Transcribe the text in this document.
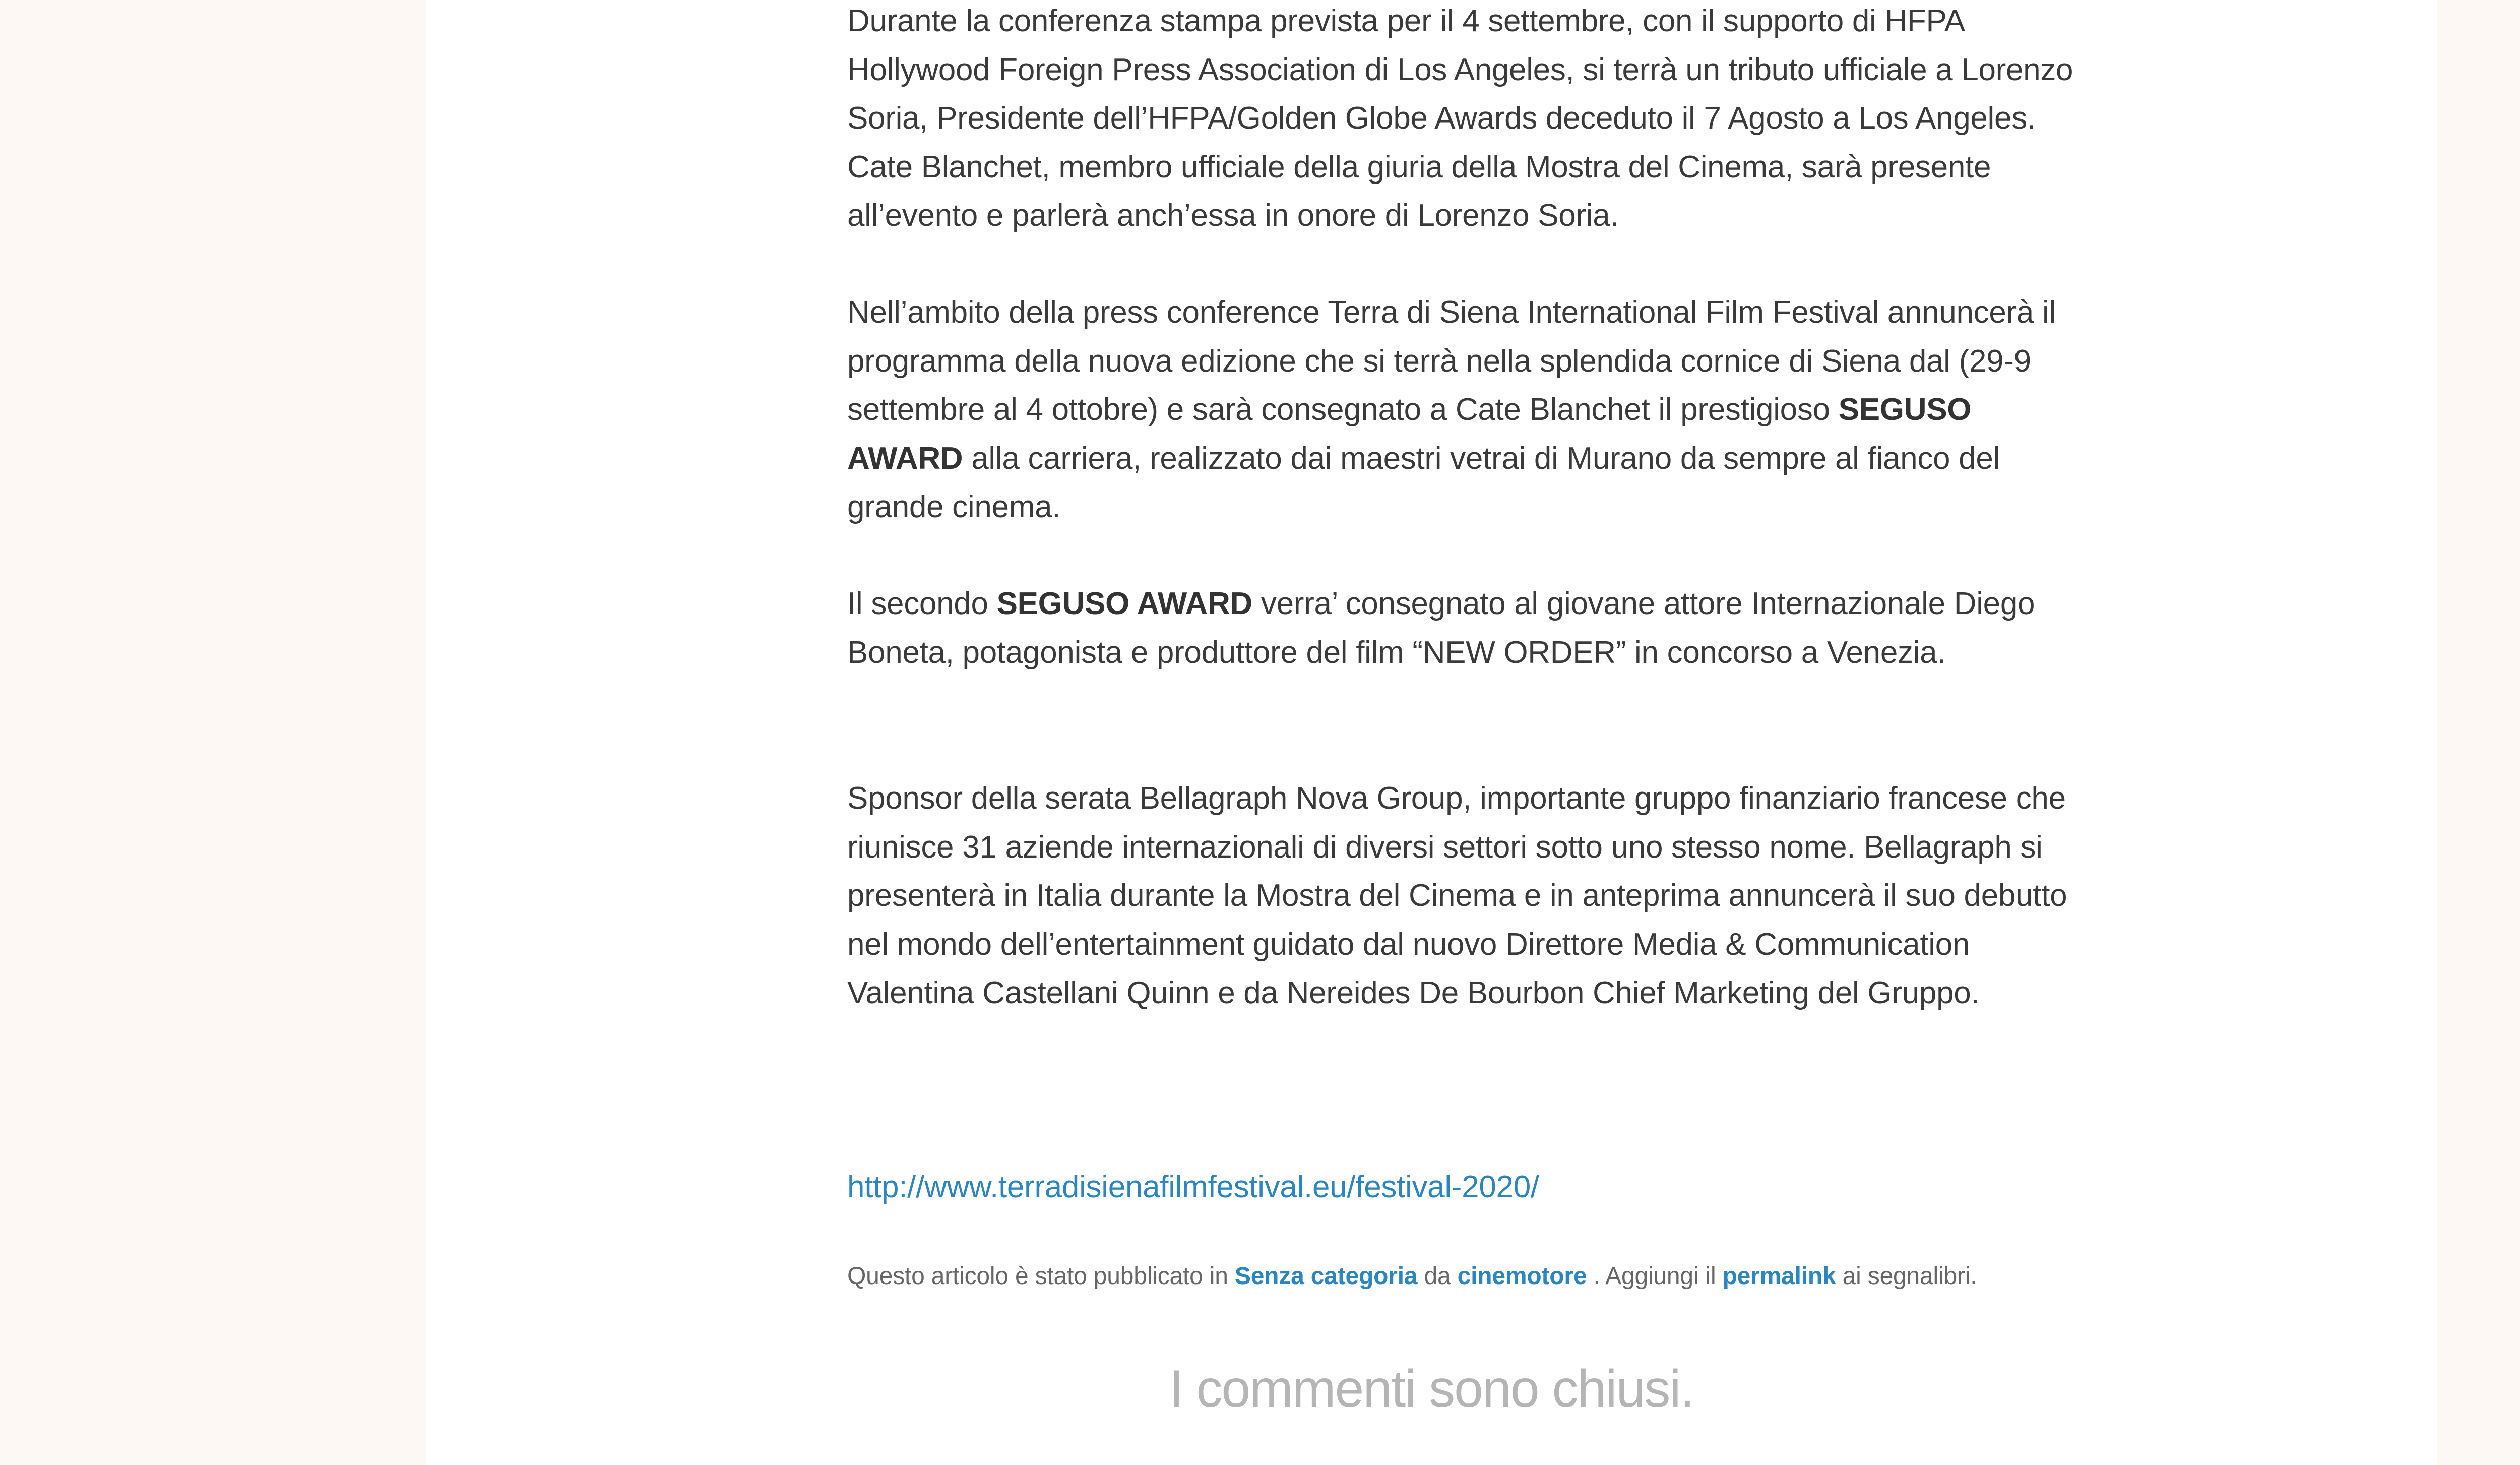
Durante la conferenza stampa prevista per il 4 settembre, con il supporto di HFPA
Hollywood Foreign Press Association di Los Angeles, si terrà un tributo ufficiale a Lorenzo
Soria, Presidente dell’HFPA/Golden Globe Awards deceduto il 7 Agosto a Los Angeles.
Cate Blanchet, membro ufficiale della giuria della Mostra del Cinema, sarà presente
all’evento e parlerà anch’essa in onore di Lorenzo Soria.

Nell’ambito della press conference Terra di Siena International Film Festival annuncerà il
programma della nuova edizione che si terrà nella splendida cornice di Siena dal (29-9
settembre al 4 ottobre) e sarà consegnato a Cate Blanchet il prestigioso SEGUSO
AWARD alla carriera, realizzato dai maestri vetrai di Murano da sempre al fianco del
grande cinema.

Il secondo SEGUSO AWARD verra’ consegnato al giovane attore Internazionale Diego
Boneta, potagonista e produttore del film “NEW ORDER” in concorso a Venezia.

Sponsor della serata Bellagraph Nova Group, importante gruppo finanziario francese che
riunisce 31 aziende internazionali di diversi settori sotto uno stesso nome. Bellagraph si
presenterà in Italia durante la Mostra del Cinema e in anteprima annuncerà il suo debutto
nel mondo dell’entertainment guidato dal nuovo Direttore Media & Communication
Valentina Castellani Quinn e da Nereides De Bourbon Chief Marketing del Gruppo.

http://www.terradisienafilmfestival.eu/festival-2020/
Questo articolo è stato pubblicato in Senza categoria da cinemotore . Aggiungi il permalink ai segnalibri.
I commenti sono chiusi.
